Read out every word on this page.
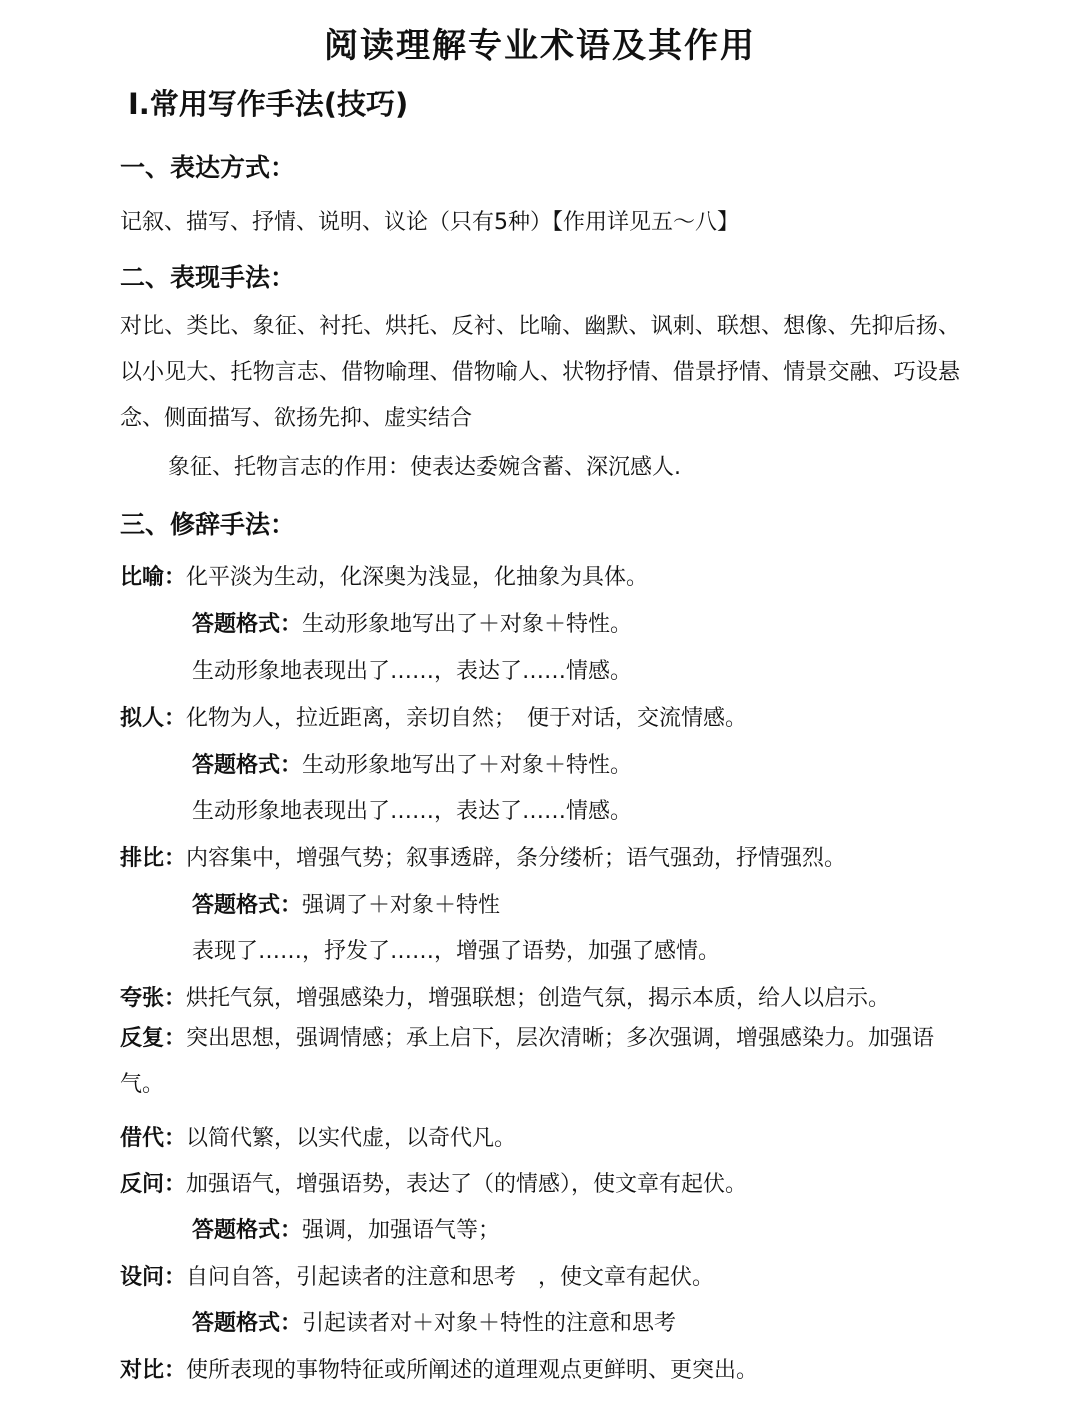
阅读理解专业术语及其作用
Ⅰ.常用写作手法(技巧)
一、表达方式：
记叙、描写、抒情、说明、议论（只有5种）【作用详见五～八】
二、表现手法：
对比、类比、象征、衬托、烘托、反衬、比喻、幽默、讽刺、联想、想像、先抑后扬、以小见大、托物言志、借物喻理、借物喻人、状物抒情、借景抒情、情景交融、巧设悬念、侧面描写、欲扬先抑、虚实结合
象征、托物言志的作用：使表达委婉含蓄、深沉感人.
三、修辞手法：
比喻：化平淡为生动，化深奥为浅显，化抽象为具体。
答题格式：生动形象地写出了＋对象＋特性。
生动形象地表现出了……，表达了……情感。
拟人：化物为人，拉近距离，亲切自然；　便于对话，交流情感。
答题格式：生动形象地写出了＋对象＋特性。
生动形象地表现出了……，表达了……情感。
排比：内容集中，增强气势；叙事透辟，条分缕析；语气强劲，抒情强烈。
答题格式：强调了＋对象＋特性
表现了……，抒发了……，增强了语势，加强了感情。
夸张：烘托气氛，增强感染力，增强联想；创造气氛，揭示本质，给人以启示。
反复：突出思想，强调情感；承上启下，层次清晰；多次强调，增强感染力。加强语气。
借代：以简代繁，以实代虚，以奇代凡。
反问：加强语气，增强语势，表达了（的情感），使文章有起伏。
答题格式：强调，加强语气等；
设问：自问自答，引起读者的注意和思考　，使文章有起伏。
答题格式：引起读者对＋对象＋特性的注意和思考
对比：使所表现的事物特征或所阐述的道理观点更鲜明、更突出。
